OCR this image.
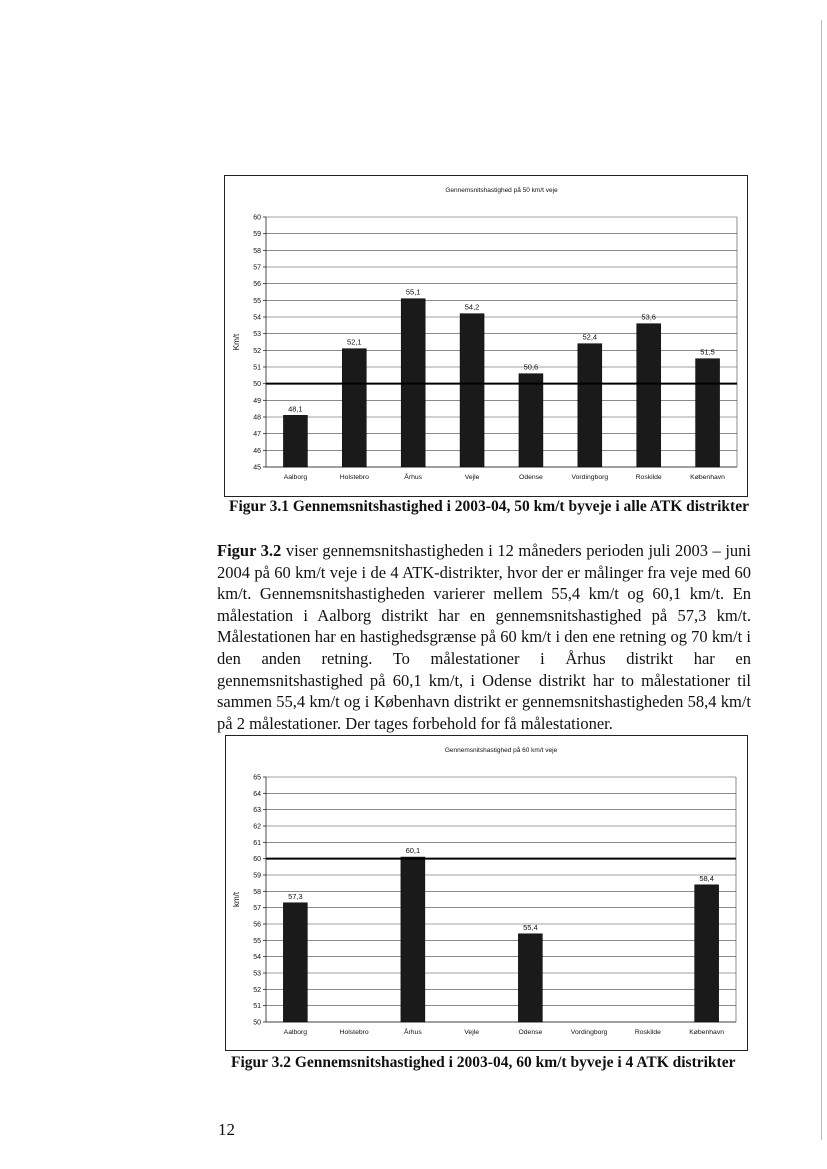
Gennemsnitshastighed på 50 km/t veje
45
46
47
48
49
50
51
52
53
54
55
56
57
58
59
60
Km/t
48,1
Aalborg
52,1
Holstebro
55,1
Århus
54,2
Vejle
50,6
Odense
52,4
Vordingborg
53,6
Roskilde
51,5
København
Figur 3.1 Gennemsnitshastighed i 2003-04, 50 km/t byveje i alle ATK distrikter
Figur 3.2 viser gennemsnitshastigheden i 12 måneders perioden juli 2003 – juni 2004 på 60 km/t veje i de 4 ATK-distrikter, hvor der er målinger fra veje med 60 km/t. Gennemsnitshastigheden varierer mellem 55,4 km/t og 60,1 km/t. En målestation i Aalborg distrikt har en gennemsnitshastighed på 57,3 km/t. Målestationen har en hastighedsgrænse på 60 km/t i den ene retning og 70 km/t i den anden retning. To målestationer i Århus distrikt har en gennemsnitshastighed på 60,1 km/t, i Odense distrikt har to målestationer til sammen 55,4 km/t og i København distrikt er gennemsnitshastigheden 58,4 km/t på 2 målestationer. Der tages forbehold for få målestationer.
Gennemsnitshastighed på 60 km/t veje
50
51
52
53
54
55
56
57
58
59
60
61
62
63
64
65
km/t	57,3
Aalborg	Holstebro
60,1
Århus	Vejle
55,4
Odense	Vordingborg	Roskilde
58,4
København
Figur 3.2 Gennemsnitshastighed i 2003-04, 60 km/t byveje i 4 ATK distrikter
12
